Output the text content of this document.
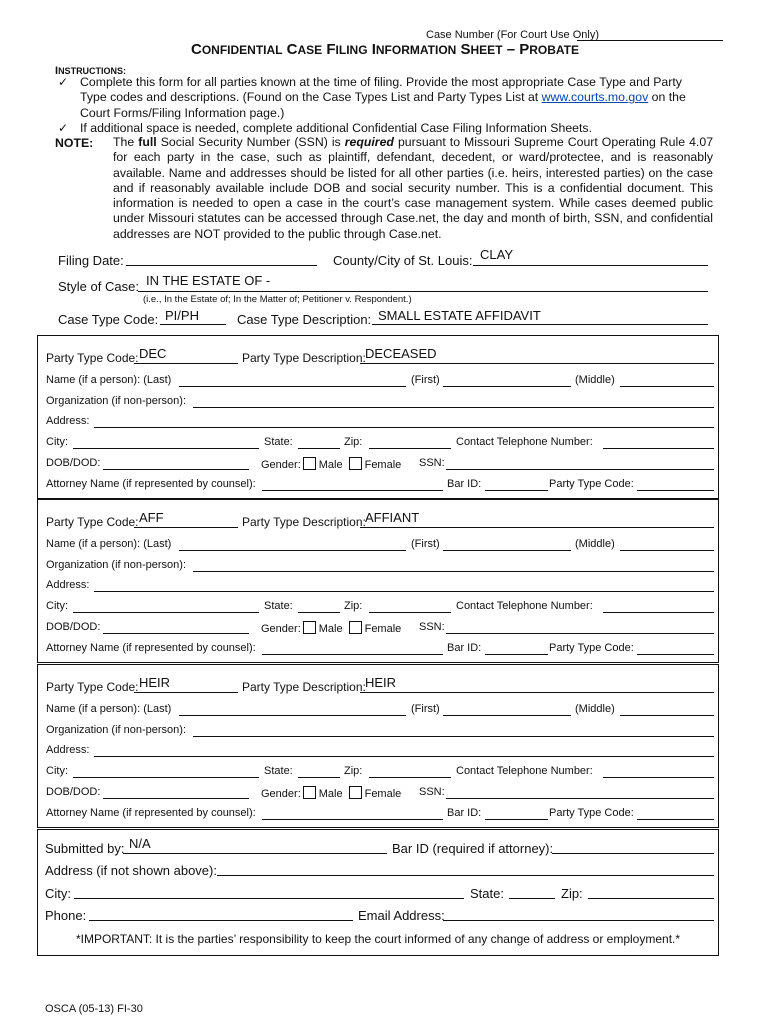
Case Number (For Court Use Only)
CONFIDENTIAL CASE FILING INFORMATION SHEET – PROBATE
INSTRUCTIONS:
✓ Complete this form for all parties known at the time of filing. Provide the most appropriate Case Type and Party
Type codes and descriptions. (Found on the Case Types List and Party Types List at www.courts.mo.gov on the
Court Forms/Filing Information page.)
✓ If additional space is needed, complete additional Confidential Case Filing Information Sheets.
NOTE: The full Social Security Number (SSN) is required pursuant to Missouri Supreme Court Operating Rule 4.07 for each party in the case, such as plaintiff, defendant, decedent, or ward/protectee, and is reasonably available. Name and addresses should be listed for all other parties (i.e. heirs, interested parties) on the case and if reasonably available include DOB and social security number. This is a confidential document. This information is needed to open a case in the court’s case management system. While cases deemed public under Missouri statutes can be accessed through Case.net, the day and month of birth, SSN, and confidential addresses are NOT provided to the public through Case.net.
Filing Date:	County/City of St. Louis: CLAY
Style of Case: IN THE ESTATE OF -
(i.e., In the Estate of; In the Matter of; Petitioner v. Respondent.)
Case Type Code: PI/PH	Case Type Description: SMALL ESTATE AFFIDAVIT
Party Type Code: DEC	Party Type Description: DECEASED
Name (if a person): (Last)	(First)	(Middle)
Organization (if non-person):
Address:
City:	State:	Zip:	Contact Telephone Number:
DOB/DOD:	Gender: Male Female SSN:
Attorney Name (if represented by counsel):	Bar ID:	Party Type Code:
Party Type Code: AFF	Party Type Description: AFFIANT
Name (if a person): (Last)	(First)	(Middle)
Organization (if non-person):
Address:
City:	State:	Zip:	Contact Telephone Number:
DOB/DOD:	Gender: Male Female SSN:
Attorney Name (if represented by counsel):	Bar ID:	Party Type Code:
Party Type Code: HEIR	Party Type Description: HEIR
Name (if a person): (Last)	(First)	(Middle)
Organization (if non-person):
Address:
City:	State:	Zip:	Contact Telephone Number:
DOB/DOD:	Gender: Male Female SSN:
Attorney Name (if represented by counsel):	Bar ID:	Party Type Code:
Submitted by: N/A	Bar ID (required if attorney):
Address (if not shown above):
City:	State:	Zip:
Phone:	Email Address:
*IMPORTANT: It is the parties’ responsibility to keep the court informed of any change of address or employment.*
OSCA (05-13) FI-30
